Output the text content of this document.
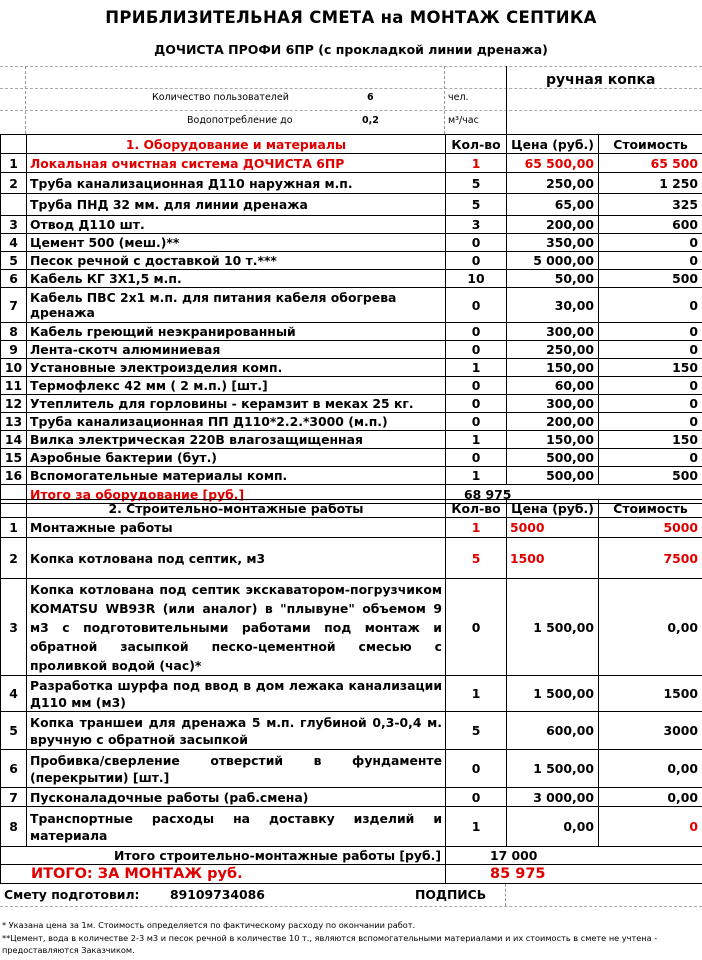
ПРИБЛИЗИТЕЛЬНАЯ СМЕТА на МОНТАЖ СЕПТИКА
ДОЧИСТА ПРОФИ 6ПР (с прокладкой линии дренажа)
ручная копка
Количество пользователей	6	чел.
Водопотребление до	0,2	м³/час
	1. Оборудование и материалы	Кол-во	Цена (руб.)	Стоимость
1	Локальная очистная система ДОЧИСТА 6ПР	1	65 500,00	65 500
2	Труба канализационная Д110 наружная м.п.	5	250,00	1 250
	Труба ПНД 32 мм. для линии дренажа	5	65,00	325
3	Отвод Д110 шт.	3	200,00	600
4	Цемент 500 (меш.)**	0	350,00	0
5	Песок речной с доставкой 10 т.***	0	5 000,00	0
6	Кабель КГ 3Х1,5 м.п.	10	50,00	500
7	Кабель ПВС 2х1 м.п. для питания кабеля обогрева дренажа	0	30,00	0
8	Кабель греющий неэкранированный	0	300,00	0
9	Лента-скотч алюминиевая	0	250,00	0
10	Установные электроизделия комп.	1	150,00	150
11	Термофлекс 42 мм ( 2 м.п.) [шт.]	0	60,00	0
12	Утеплитель для горловины - керамзит в меках 25 кг.	0	300,00	0
13	Труба канализационная ПП Д110*2.2.*3000 (м.п.)	0	200,00	0
14	Вилка электрическая 220В влагозащищенная	1	150,00	150
15	Аэробные бактерии (бут.)	0	500,00	0
16	Вспомогательные материалы комп.	1	500,00	500
	Итого за оборудование [руб.]	68 975		
	2. Строительно-монтажные работы	Кол-во	Цена (руб.)	Стоимость
1	Монтажные работы	1	5000	5000
2	Копка котлована под септик, м3	5	1500	7500
3	Копка котлована под септик экскаватором-погрузчиком KOMATSU WB93R (или аналог) в "плывуне" объемом 9 м3 с подготовительными работами под монтаж и обратной засыпкой песко-цементной смесью с проливкой водой (час)*	0	1 500,00	0,00
4	Разработка шурфа под ввод в дом лежака канализации Д110 мм (м3)	1	1 500,00	1500
5	Копка траншеи для дренажа 5 м.п. глубиной 0,3-0,4 м. вручную с обратной засыпкой	5	600,00	3000
6	Пробивка/сверление отверстий в фундаменте (перекрытии) [шт.]	0	1 500,00	0,00
7	Пусконаладочные работы (раб.смена)	0	3 000,00	0,00
8	Транспортные расходы на доставку изделий и материала	1	0,00	0
Итого строительно-монтажные работы [руб.]		17 000		
ИТОГО: ЗА МОНТАЖ руб.		85 975		
Смету подготовил: 89109734086	ПОДПИСЬ
* Указана цена за 1м. Стоимость определяется по фактическому расходу по окончании работ.
**Цемент, вода в количестве 2-3 м3 и песок речной в количестве 10 т., являются вспомогательными материалами и их стоимость в смете не учтена - предоставляются Заказчиком.
